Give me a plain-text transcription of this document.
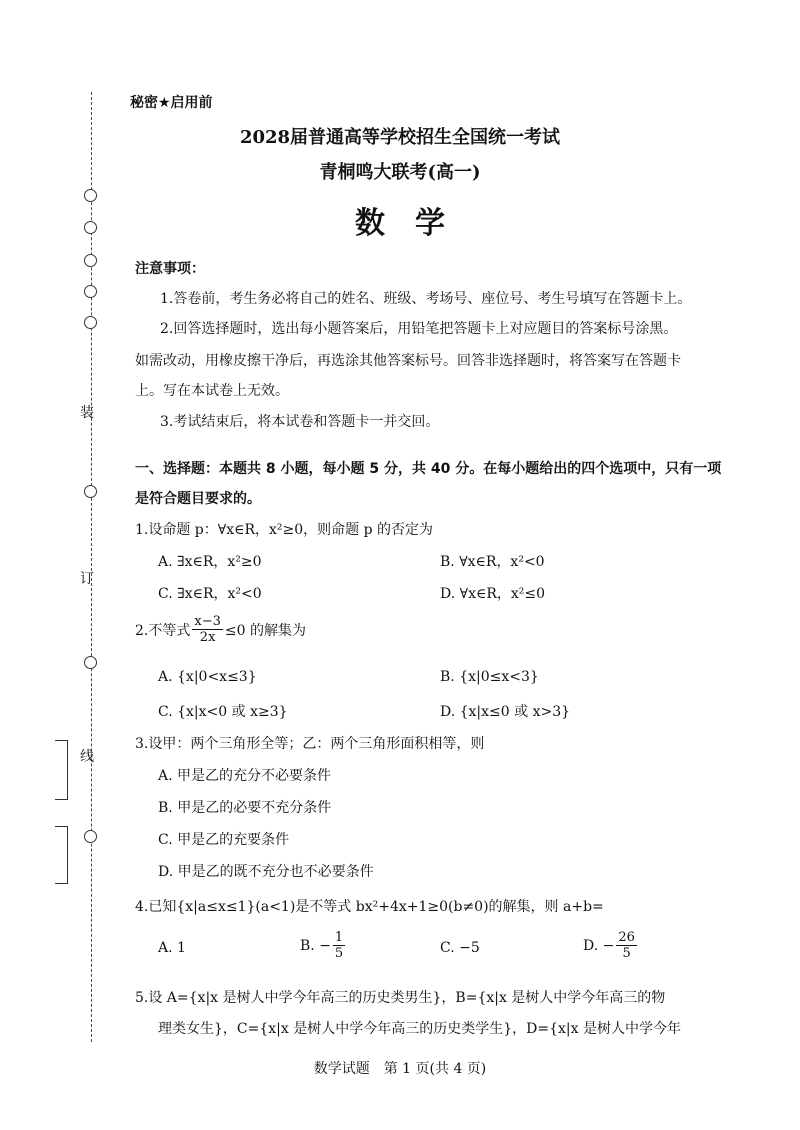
装
订
线
秘密★启用前
2028届普通高等学校招生全国统一考试
青桐鸣大联考(高一)
数　学
注意事项：
1.答卷前，考生务必将自己的姓名、班级、考场号、座位号、考生号填写在答题卡上。
2.回答选择题时，选出每小题答案后，用铅笔把答题卡上对应题目的答案标号涂黑。
如需改动，用橡皮擦干净后，再选涂其他答案标号。回答非选择题时，将答案写在答题卡
上。写在本试卷上无效。
3.考试结束后，将本试卷和答题卡一并交回。
一、选择题：本题共 8 小题，每小题 5 分，共 40 分。在每小题给出的四个选项中，只有一项
是符合题目要求的。
1.设命题 p：∀x∈R，x²≥0，则命题 p 的否定为
A. ∃x∈R，x²≥0	B. ∀x∈R，x²<0
C. ∃x∈R，x²<0	D. ∀x∈R，x²≤0
2.不等式 $\frac{x-3}{2x} \le 0$ 的解集为
A. {x|0<x≤3}	B. {x|0≤x<3}
C. {x|x<0 或 x≥3}	D. {x|x≤0 或 x>3}
3.设甲：两个三角形全等；乙：两个三角形面积相等，则
A. 甲是乙的充分不必要条件
B. 甲是乙的必要不充分条件
C. 甲是乙的充要条件
D. 甲是乙的既不充分也不必要条件
4.已知{x|a≤x≤1}(a<1)是不等式 bx²+4x+1≥0(b≠0)的解集，则 a+b=
A. 1	B. − $\frac{1}{5}$	C. −5	D. − $\frac{26}{5}$
5.设 A={x|x 是树人中学今年高三的历史类男生}，B={x|x 是树人中学今年高三的物
理类女生}，C={x|x 是树人中学今年高三的历史类学生}，D={x|x 是树人中学今年
数学试题　第 1 页(共 4 页)
